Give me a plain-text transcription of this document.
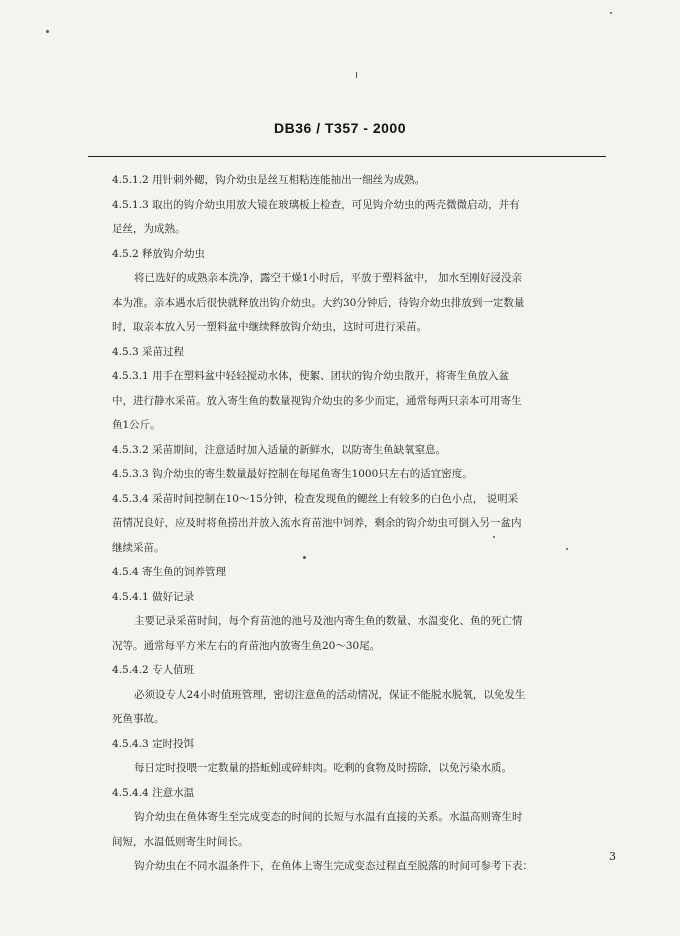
DB36 / T357 - 2000
4.5.1.2 用针刺外鳃，钩介幼虫是丝互相粘连能抽出一细丝为成熟。
4.5.1.3 取出的钩介幼虫用放大镜在玻璃板上检查，可见钩介幼虫的两壳微微启动，并有
足丝，为成熟。
4.5.2 释放钩介幼虫
将已选好的成熟亲本洗净，露空干燥1小时后，平放于塑料盆中， 加水至刚好浸没亲
本为准。亲本遇水后很快就释放出钩介幼虫。大约30分钟后，待钩介幼虫排放到一定数量
时，取亲本放入另一塑料盆中继续释放钩介幼虫，这时可进行采苗。
4.5.3 采苗过程
4.5.3.1 用手在塑料盆中轻轻搅动水体，使絮、团状的钩介幼虫散开，将寄生鱼放入盆
中，进行静水采苗。放入寄生鱼的数量视钩介幼虫的多少而定，通常每两只亲本可用寄生
鱼1公斤。
4.5.3.2 采苗期间，注意适时加入适量的新鲜水，以防寄生鱼缺氧窒息。
4.5.3.3 钩介幼虫的寄生数量最好控制在每尾鱼寄生1000只左右的适宜密度。
4.5.3.4 采苗时间控制在10～15分钟，检查发现鱼的鳃丝上有较多的白色小点， 说明采
苗情况良好，应及时将鱼捞出并放入流水育苗池中饲养，剩余的钩介幼虫可倒入另一盆内
继续采苗。
4.5.4 寄生鱼的饲养管理
4.5.4.1 做好记录
主要记录采苗时间，每个育苗池的池号及池内寄生鱼的数量、水温变化、鱼的死亡情
况等。通常每平方米左右的育苗池内放寄生鱼20～30尾。
4.5.4.2 专人值班
必须设专人24小时值班管理，密切注意鱼的活动情况，保证不能脱水脱氧，以免发生
死鱼事故。
4.5.4.3 定时投饵
每日定时投喂一定数量的搭蚯蚓或碎蚌肉。吃剩的食物及时捞除，以免污染水质。
4.5.4.4 注意水温
钩介幼虫在鱼体寄生至完成变态的时间的长短与水温有直接的关系。水温高则寄生时
间短，水温低则寄生时间长。
钩介幼虫在不同水温条件下，在鱼体上寄生完成变态过程直至脱落的时间可参考下表：
3
